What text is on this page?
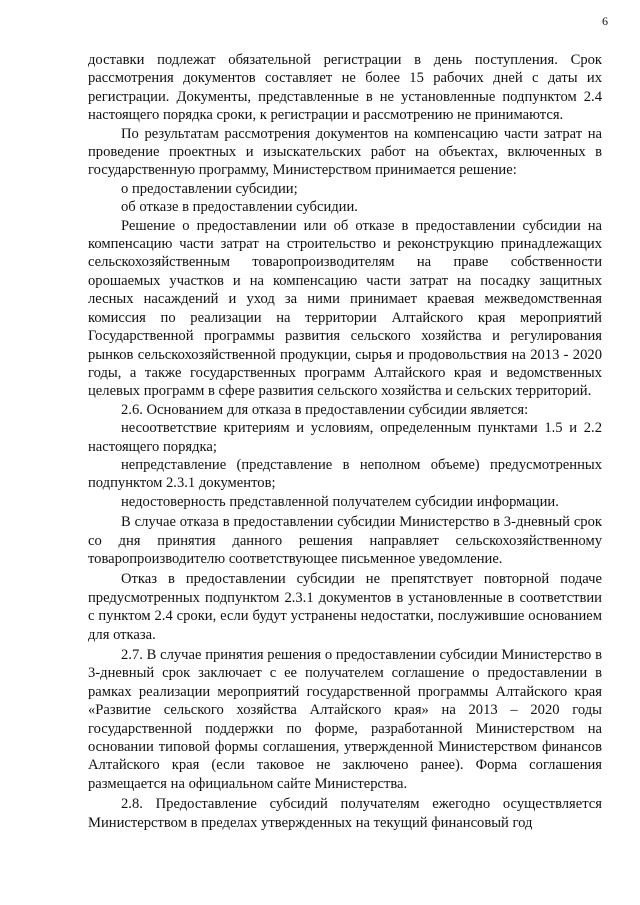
6

доставки подлежат обязательной регистрации в день поступления. Срок рассмотрения документов составляет не более 15 рабочих дней с даты их регистрации. Документы, представленные в не установленные подпунктом 2.4 настоящего порядка сроки, к регистрации и рассмотрению не принимаются.

По результатам рассмотрения документов на компенсацию части затрат на проведение проектных и изыскательских работ на объектах, включенных в государственную программу, Министерством принимается решение:

о предоставлении субсидии;

об отказе в предоставлении субсидии.

Решение о предоставлении или об отказе в предоставлении субсидии на компенсацию части затрат на строительство и реконструкцию принадлежащих сельскохозяйственным товаропроизводителям на праве собственности орошаемых участков и на компенсацию части затрат на посадку защитных лесных насаждений и уход за ними принимает краевая межведомственная комиссия по реализации на территории Алтайского края мероприятий Государственной программы развития сельского хозяйства и регулирования рынков сельскохозяйственной продукции, сырья и продовольствия на 2013 - 2020 годы, а также государственных программ Алтайского края и ведомственных целевых программ в сфере развития сельского хозяйства и сельских территорий.

2.6. Основанием для отказа в предоставлении субсидии является:

несоответствие критериям и условиям, определенным пунктами 1.5 и 2.2 настоящего порядка;

непредставление (представление в неполном объеме) предусмотренных подпунктом 2.3.1 документов;

недостоверность представленной получателем субсидии информации.

В случае отказа в предоставлении субсидии Министерство в 3-дневный срок со дня принятия данного решения направляет сельскохозяйственному товаропроизводителю соответствующее письменное уведомление.

Отказ в предоставлении субсидии не препятствует повторной подаче предусмотренных подпунктом 2.3.1 документов в установленные в соответствии с пунктом 2.4 сроки, если будут устранены недостатки, послужившие основанием для отказа.

2.7. В случае принятия решения о предоставлении субсидии Министерство в 3-дневный срок заключает с ее получателем соглашение о предоставлении в рамках реализации мероприятий государственной программы Алтайского края «Развитие сельского хозяйства Алтайского края» на 2013 – 2020 годы государственной поддержки по форме, разработанной Министерством на основании типовой формы соглашения, утвержденной Министерством финансов Алтайского края (если таковое не заключено ранее). Форма соглашения размещается на официальном сайте Министерства.

2.8. Предоставление субсидий получателям ежегодно осуществляется Министерством в пределах утвержденных на текущий финансовый год
